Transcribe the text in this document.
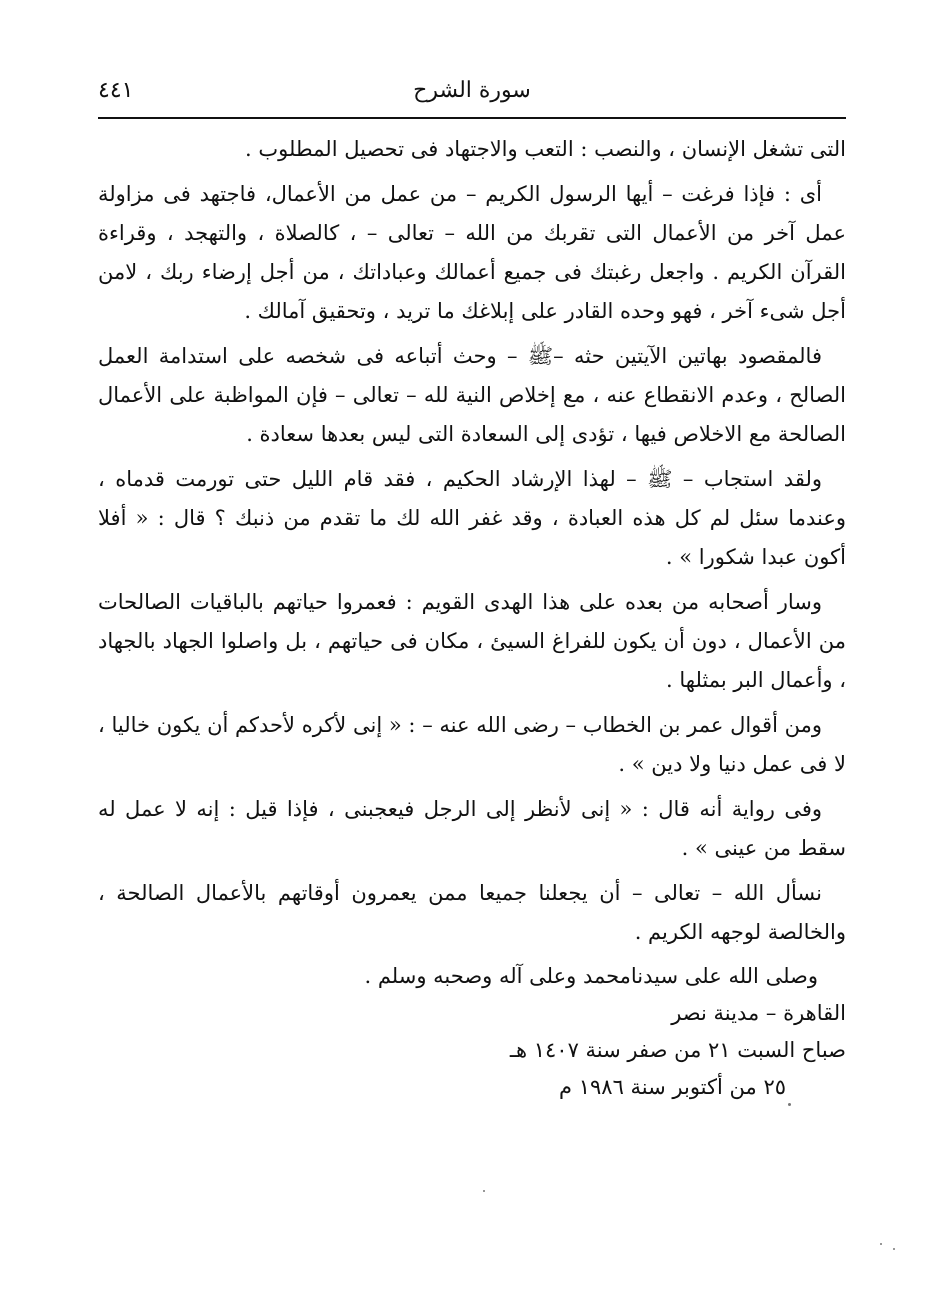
٤٤١	سورة الشرح

التى تشغل الإنسان ، والنصب : التعب والاجتهاد فى تحصيل المطلوب .

أى : فإذا فرغت – أيها الرسول الكريم – من عمل من الأعمال، فاجتهد فى مزاولة عمل آخر من الأعمال التى تقربك من الله – تعالى – ، كالصلاة ، والتهجد ، وقراءة القرآن الكريم . واجعل رغبتك فى جميع أعمالك وعباداتك ، من أجل إرضاء ربك ، لامن أجل شىء آخر ، فهو وحده القادر على إبلاغك ما تريد ، وتحقيق آمالك .

فالمقصود بهاتين الآيتين حثه –ﷺ – وحث أتباعه فى شخصه على استدامة العمل الصالح ، وعدم الانقطاع عنه ، مع إخلاص النية لله – تعالى – فإن المواظبة على الأعمال الصالحة مع الاخلاص فيها ، تؤدى إلى السعادة التى ليس بعدها سعادة .

ولقد استجاب – ﷺ – لهذا الإرشاد الحكيم ، فقد قام الليل حتى تورمت قدماه ، وعندما سئل لم كل هذه العبادة ، وقد غفر الله لك ما تقدم من ذنبك ؟ قال : « أفلا أكون عبدا شكورا » .

وسار أصحابه من بعده على هذا الهدى القويم : فعمروا حياتهم بالباقيات الصالحات من الأعمال ، دون أن يكون للفراغ السيئ ، مكان فى حياتهم ، بل واصلوا الجهاد بالجهاد ، وأعمال البر بمثلها .

ومن أقوال عمر بن الخطاب – رضى الله عنه – : « إنى لأكره لأحدكم أن يكون خاليا ، لا فى عمل دنيا ولا دين » .

وفى رواية أنه قال : « إنى لأنظر إلى الرجل فيعجبنى ، فإذا قيل : إنه لا عمل له سقط من عينى » .

نسأل الله – تعالى – أن يجعلنا جميعا ممن يعمرون أوقاتهم بالأعمال الصالحة ، والخالصة لوجهه الكريم .

وصلى الله على سيدنامحمد وعلى آله وصحبه وسلم .
القاهرة – مدينة نصر
صباح السبت ٢١ من صفر سنة ١٤٠٧ هـ
٢٥ من أكتوبر سنة ١٩٨٦ م
